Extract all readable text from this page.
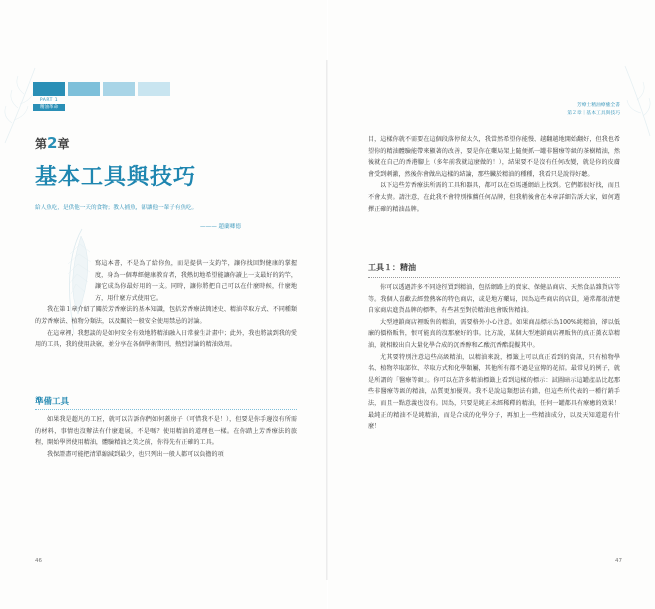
PART 1
精油革命
第2章
基本工具與技巧
給人魚吃，是供他一天的食物；教人捕魚，卻讓他一輩子有魚吃。
——— 趙蘭卿德

寫這本書，不是為了給你魚，而是提供一支釣竿，讓你找回對健康的掌握度，身為一個專經健康教育者，我熱切地希望能讓你讀上一支最好的釣竿，讓它成為你最好用的一支。同時，讓你將把自己可以在什麼時候，什麼地方，用什麼方式使用它。

我在第１章介紹了關於芳香療法的基本知識，包括芳香療法簡述史、精油萃取方式、不同種類的芳香療法、植物分類法，以及關於一般安全使用禁忌的討論。

在這章裡，我想談的是如何安全有效地將精油融入日常養生計畫中；此外，我也將談到我的愛用的工具，我的使用訣竅，並分享在各個學術期刊，熱烈討論的精油效用。

準備工具

如果我是超凡的工匠，就可以告訴你們如何蓋房子（可惜我不是！），但要是你手邊沒有所需的材料，事情也沒辦法有什麼進展，不是嗎？使用精油的道理也一樣。在你踏上芳香療法的旅程，開始學習使用精油，體驗精油之美之前，你得先有正確的工具。

我保證盡可能把清單縮減到最少，也只列出一般人都可以負擔的項

46
芳療士精油療癒全書
第２章｜基本工具與技巧
47

目，這樣你就不需要在這個段落停留太久，我當然希望你能慢、越翻越地開始翻好，但我也希望你的精油體驗能帶來顯著的改善，要是你在藥局架上隨便抓一罐非醫療等級的茶樹精油，然後就在自己的香港腳上（多年前我就這麼做的！），結果要不是沒有任何改變，就是你的皮膚會受到刺激，然後你會做出這樣的結論，那些臟於精油的種種，我看只是說得好聽。

以下這些芳香療法所需的工具和器具，都可以在亞馬遜網站上找到。它們都很好找，而且不會太貴。請注意，在此我不會特別推薦任何品牌，但我稍後會在本章詳細告訴大家，如何選擇正確的精油品牌。

工具１：精油

你可以透過許多不同途徑買到精油，包括網路上的賣家、保健品商店、天然食品雜貨店等等。我個人喜歡去經營熱客的特色商店，或是地方藥局，因為這些商店的店員，通常都很清楚自家商店進貨品牌的標準，有些甚至對於精油也會販售精油。

大型連鎖商店裡販售的精油，需要格外小心注意。如果商品標示為100%純精油，卻以低廉的價格販售，恨可能真的沒那麼好的事。比方說，某個大型連鎖商店裡販售的真正薰衣草精油，就相較出自大量化學合成的沉香醇和乙酸沉香酯混擬其中。

尤其要特別注意這些高級精油，以精油來說，標籤上可以真正看到的資訊，只有植物學名、植物萃取部位、萃取方式和化學類屬，其他所有都不過是宣傳的花招。最常見的例子，就是所謂的「醫療等級」。你可以在許多精油標籤上看到這樣的標示：試圖暗示這罐產品比起那些非醫療等級的精油，品質更加優異。我不是說這類想法有錯，但這些所代表的一種行銷手法，而且一點意義也沒有。因為，只要是純正未經稀釋的精油，任何一罐都具有療癒的效果！最純正的精油不是純精油，而是合成的化學分子，再加上一些精油成分，以及天知道還有什麼！
